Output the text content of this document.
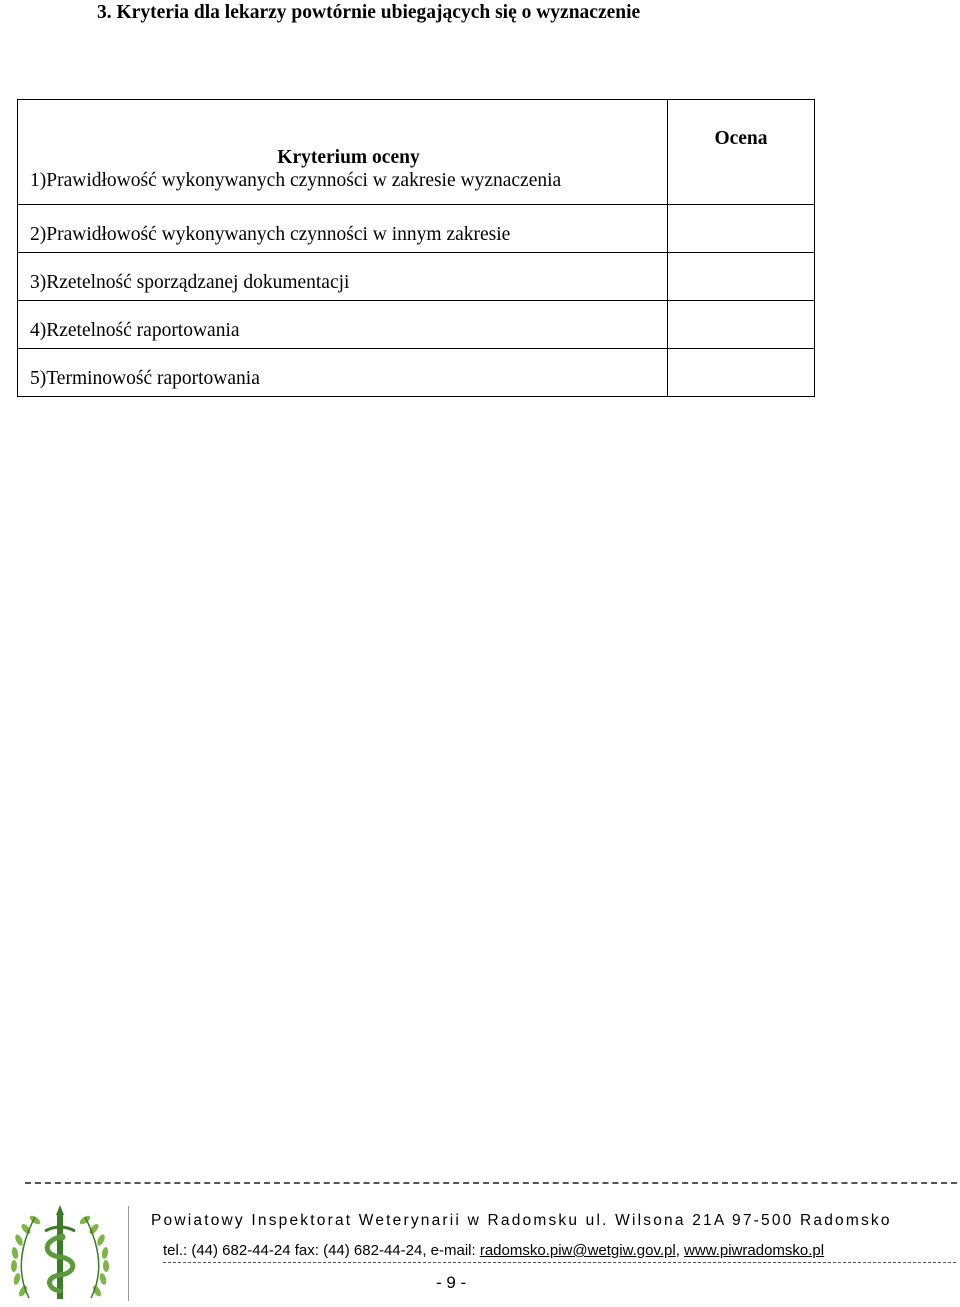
3. Kryteria dla lekarzy powtórnie ubiegających się o wyznaczenie
Kryterium oceny
1)Prawidłowość wykonywanych czynności w zakresie wyznaczenia	Ocena

2)Prawidłowość wykonywanych czynności w innym zakresie	
3)Rzetelność sporządzanej dokumentacji	
4)Rzetelność raportowania	
5)Terminowość raportowania	
Powiatowy Inspektorat Weterynarii w Radomsku ul. Wilsona 21A 97-500 Radomsko
tel.: (44) 682-44-24 fax: (44) 682-44-24, e-mail: radomsko.piw@wetgiw.gov.pl, www.piwradomsko.pl
- 9 -
